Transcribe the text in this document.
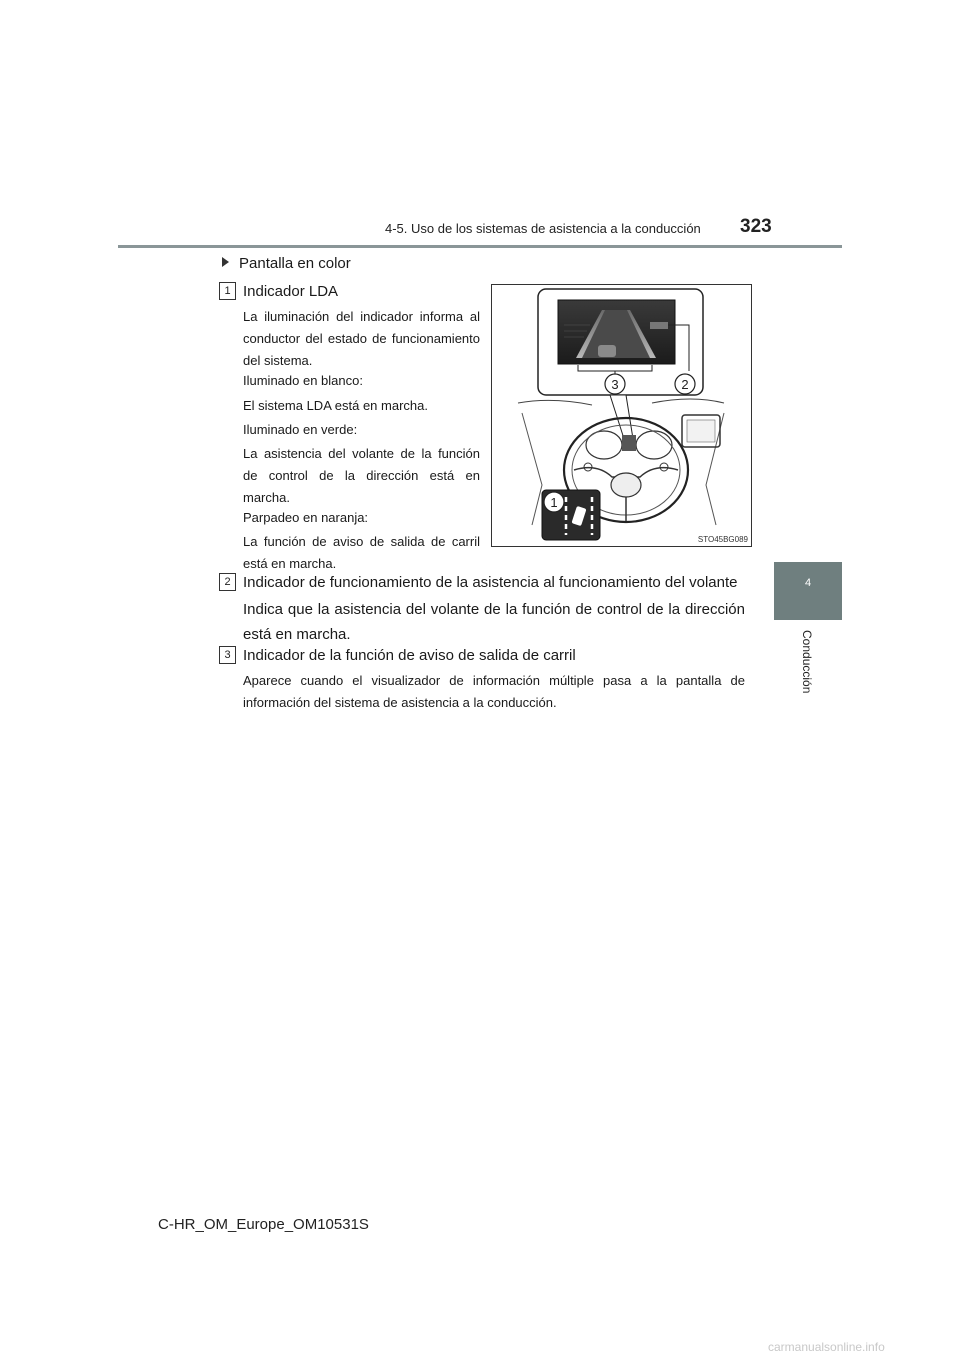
4-5. Uso de los sistemas de asistencia a la conducción 323
4
Conducción
Pantalla en color
1 Indicador LDA
La iluminación del indicador informa al conductor del estado de funcionamiento del sistema.
Iluminado en blanco:
El sistema LDA está en marcha.
Iluminado en verde:
La asistencia del volante de la función de control de la dirección está en marcha.
Parpadeo en naranja:
La función de aviso de salida de carril está en marcha.
3	2
1
STO45BG089
2 Indicador de funcionamiento de la asistencia al funcionamiento del volante
Indica que la asistencia del volante de la función de control de la dirección está en marcha.
3 Indicador de la función de aviso de salida de carril
Aparece cuando el visualizador de información múltiple pasa a la pantalla de información del sistema de asistencia a la conducción.
C-HR_OM_Europe_OM10531S
carmanualsonline.info
